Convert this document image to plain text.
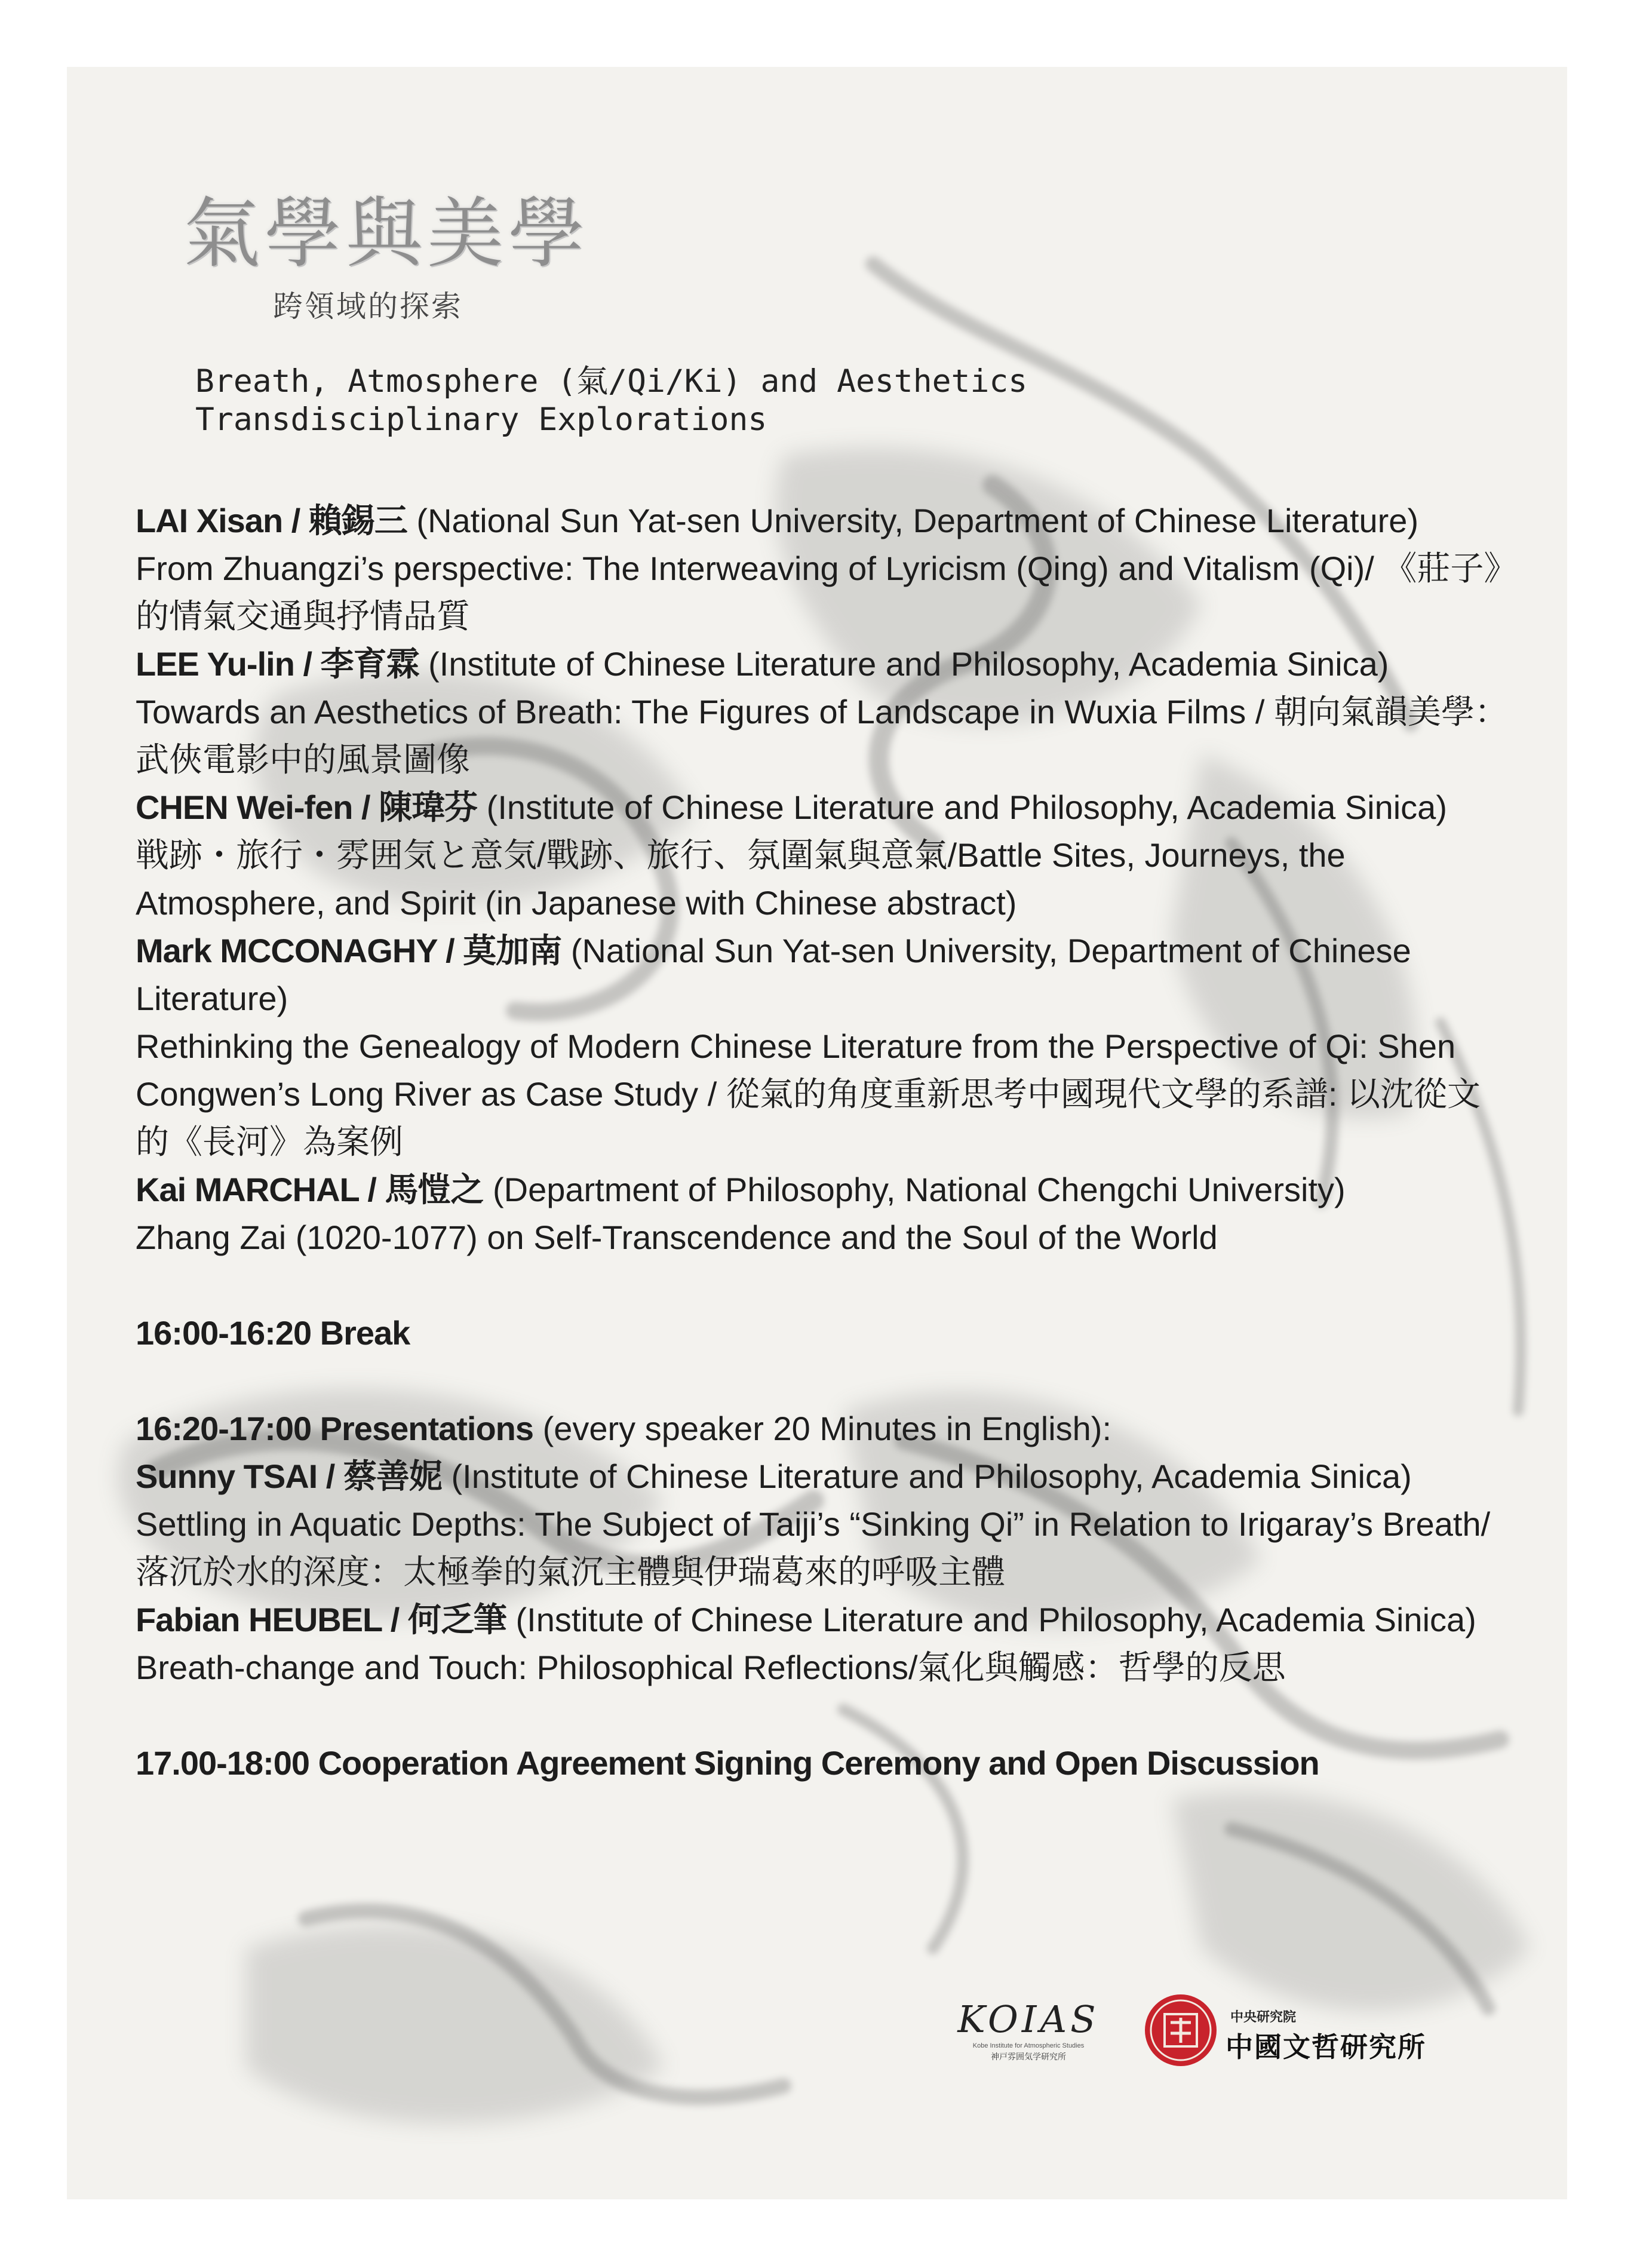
氣學與美學
跨領域的探索
Breath, Atmosphere (氣/Qi/Ki) and Aesthetics
Transdisciplinary Explorations

LAI Xisan / 賴錫三 (National Sun Yat-sen University, Department of Chinese Literature)

From Zhuangzi’s perspective: The Interweaving of Lyricism (Qing) and Vitalism (Qi)/ 《莊子》的情氣交通與抒情品質

LEE Yu-lin / 李育霖 (Institute of Chinese Literature and Philosophy, Academia Sinica)

Towards an Aesthetics of Breath: The Figures of Landscape in Wuxia Films / 朝向氣韻美學：武俠電影中的風景圖像

CHEN Wei-fen / 陳瑋芬 (Institute of Chinese Literature and Philosophy, Academia Sinica)

戦跡・旅行・雰囲気と意気/戰跡、旅行、氛圍氣與意氣/Battle Sites, Journeys, the Atmosphere, and Spirit (in Japanese with Chinese abstract)

Mark MCCONAGHY / 莫加南 (National Sun Yat-sen University, Department of Chinese Literature)

Rethinking the Genealogy of Modern Chinese Literature from the Perspective of Qi: Shen Congwen’s Long River as Case Study / 從氣的角度重新思考中國現代文學的系譜: 以沈從文的《長河》為案例

Kai MARCHAL / 馬愷之 (Department of Philosophy, National Chengchi University)

Zhang Zai (1020-1077) on Self-Transcendence and the Soul of the World

16:00-16:20 Break

16:20-17:00 Presentations (every speaker 20 Minutes in English):

Sunny TSAI / 蔡善妮 (Institute of Chinese Literature and Philosophy, Academia Sinica)

Settling in Aquatic Depths: The Subject of Taiji’s “Sinking Qi” in Relation to Irigaray’s Breath/落沉於水的深度：太極拳的氣沉主體與伊瑞葛來的呼吸主體

Fabian HEUBEL / 何乏筆 (Institute of Chinese Literature and Philosophy, Academia Sinica)

Breath-change and Touch: Philosophical Reflections/氣化與觸感：哲學的反思

17.00-18:00 Cooperation Agreement Signing Ceremony and Open Discussion

KOIAS
Kobe Institute for Atmospheric Studies
神戸雰囲気学研究所
中央研究院
中國文哲研究所
